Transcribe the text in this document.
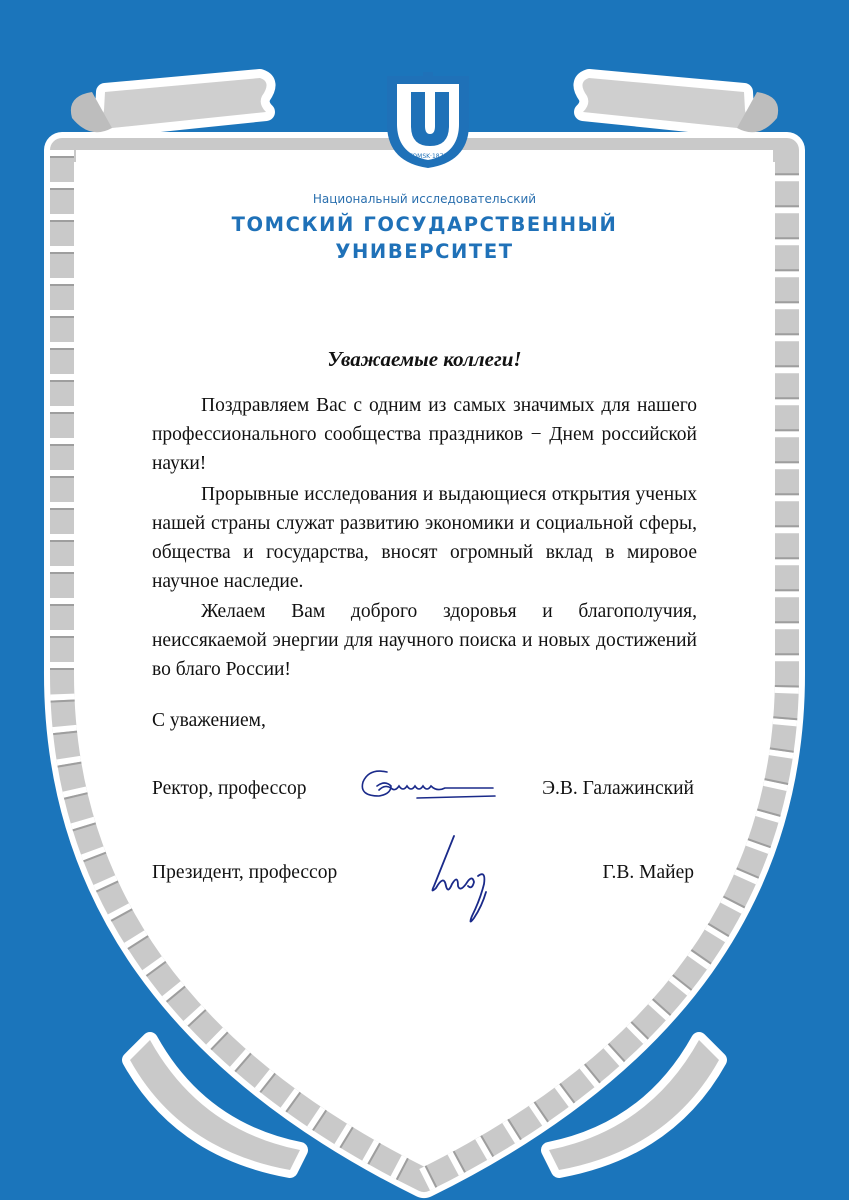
TOMSK·1878
Национальный исследовательский
ТОМСКИЙ ГОСУДАРСТВЕННЫЙ
УНИВЕРСИТЕТ
Уважаемые коллеги!

Поздравляем Вас с одним из самых значимых для нашего профессионального сообщества праздников − Днем российской науки!

Прорывные исследования и выдающиеся открытия ученых нашей страны служат развитию экономики и социальной сферы, общества и государства, вносят огромный вклад в мировое научное наследие.

Желаем Вам доброго здоровья и благополучия, неиссякаемой энергии для научного поиска и новых достижений во благо России!

С уважением,
Ректор, профессор	Э.В. Галажинский
Президент, профессор	Г.В. Майер
